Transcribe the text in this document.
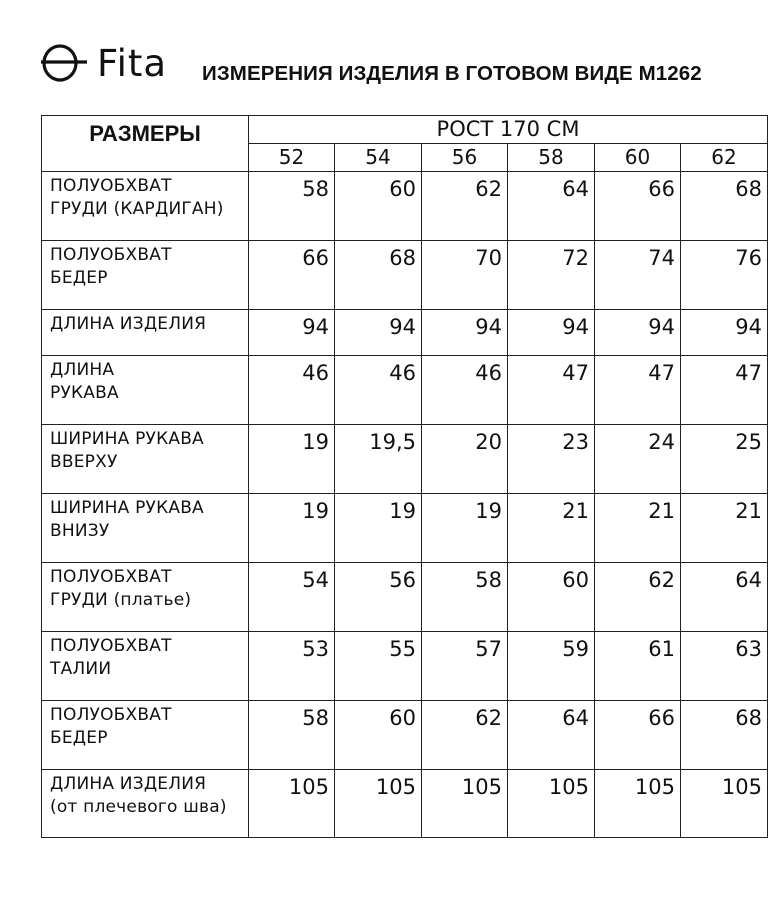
Fita ИЗМЕРЕНИЯ ИЗДЕЛИЯ В ГОТОВОМ ВИДЕ М1262
РАЗМЕРЫ	РОСТ 170 СМ					
	52	54	56	58	60	62

ПОЛУОБХВАТ
ГРУДИ (КАРДИГАН)	58	60	62	64	66	68

ПОЛУОБХВАТ
БЕДЕР	66	68	70	72	74	76

ДЛИНА ИЗДЕЛИЯ	94	94	94	94	94	94

ДЛИНА
РУКАВА	46	46	46	47	47	47

ШИРИНА РУКАВА
ВВЕРХУ	19	19,5	20	23	24	25

ШИРИНА РУКАВА
ВНИЗУ	19	19	19	21	21	21

ПОЛУОБХВАТ
ГРУДИ (платье)	54	56	58	60	62	64

ПОЛУОБХВАТ
ТАЛИИ	53	55	57	59	61	63

ПОЛУОБХВАТ
БЕДЕР	58	60	62	64	66	68

ДЛИНА ИЗДЕЛИЯ
(от плечевого шва)	105	105	105	105	105	105
